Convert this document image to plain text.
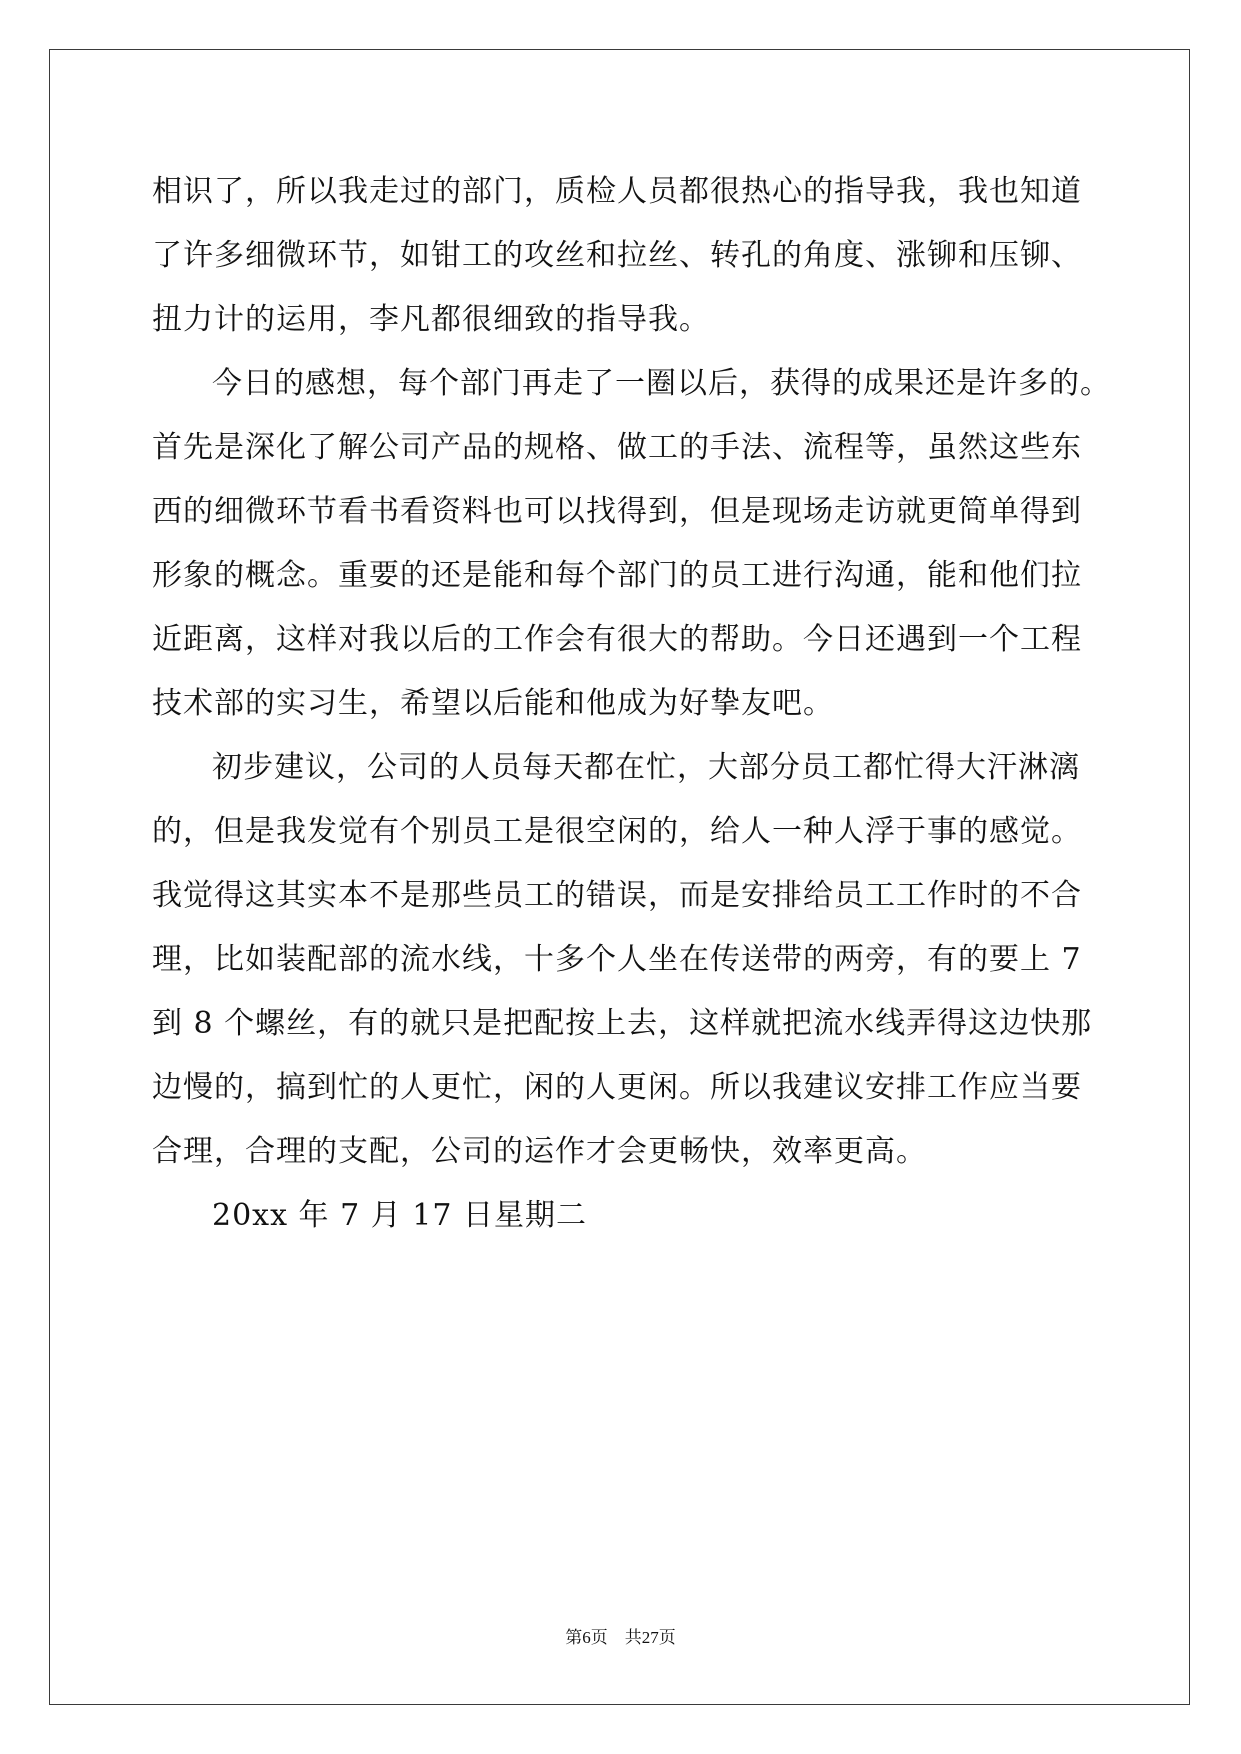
相识了，所以我走过的部门，质检人员都很热心的指导我，我也知道
了许多细微环节，如钳工的攻丝和拉丝、转孔的角度、涨铆和压铆、
扭力计的运用，李凡都很细致的指导我。
今日的感想，每个部门再走了一圈以后，获得的成果还是许多的。
首先是深化了解公司产品的规格、做工的手法、流程等，虽然这些东
西的细微环节看书看资料也可以找得到，但是现场走访就更简单得到
形象的概念。重要的还是能和每个部门的员工进行沟通，能和他们拉
近距离，这样对我以后的工作会有很大的帮助。今日还遇到一个工程
技术部的实习生，希望以后能和他成为好挚友吧。
初步建议，公司的人员每天都在忙，大部分员工都忙得大汗淋漓
的，但是我发觉有个别员工是很空闲的，给人一种人浮于事的感觉。
我觉得这其实本不是那些员工的错误，而是安排给员工工作时的不合
理，比如装配部的流水线，十多个人坐在传送带的两旁，有的要上 7
到 8 个螺丝，有的就只是把配按上去，这样就把流水线弄得这边快那
边慢的，搞到忙的人更忙，闲的人更闲。所以我建议安排工作应当要
合理，合理的支配，公司的运作才会更畅快，效率更高。
20xx 年 7 月 17 日星期二
第6页　共27页
